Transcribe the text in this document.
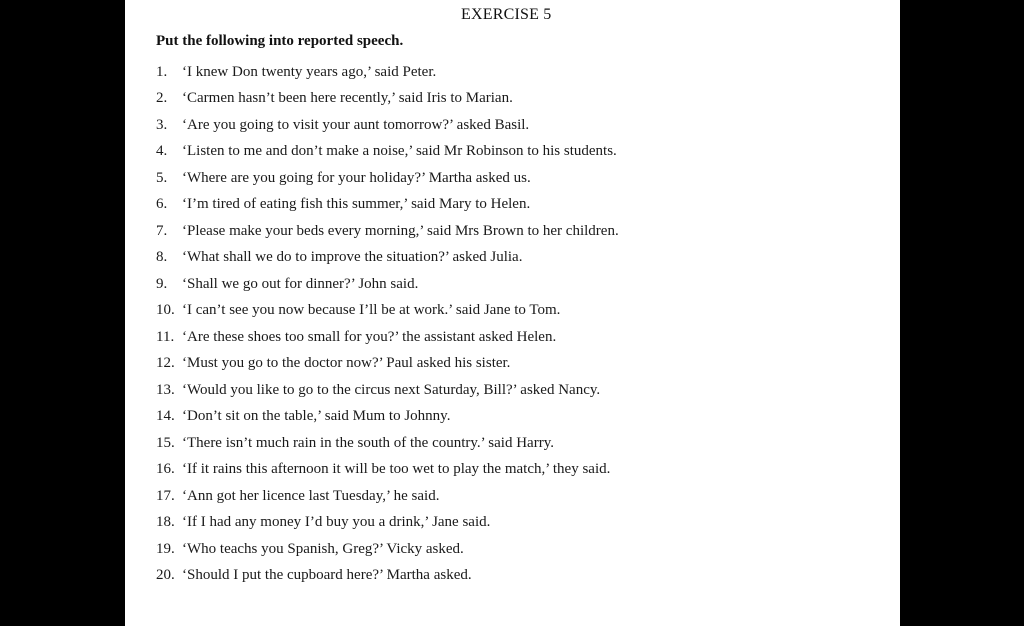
EXERCISE 5
Put the following into reported speech.
1. ‘I knew Don twenty years ago,’ said Peter.
2. ‘Carmen hasn’t been here recently,’ said Iris to Marian.
3. ‘Are you going to visit your aunt tomorrow?’ asked Basil.
4. ‘Listen to me and don’t make a noise,’ said Mr Robinson to his students.
5. ‘Where are you going for your holiday?’ Martha asked us.
6. ‘I’m tired of eating fish this summer,’ said Mary to Helen.
7. ‘Please make your beds every morning,’ said Mrs Brown to her children.
8. ‘What shall we do to improve the situation?’ asked Julia.
9. ‘Shall we go out for dinner?’ John said.
10. ‘I can’t see you now because I’ll be at work.’ said Jane to Tom.
11. ‘Are these shoes too small for you?’ the assistant asked Helen.
12. ‘Must you go to the doctor now?’ Paul asked his sister.
13. ‘Would you like to go to the circus next Saturday, Bill?’ asked Nancy.
14. ‘Don’t sit on the table,’ said Mum to Johnny.
15. ‘There isn’t much rain in the south of the country.’ said Harry.
16. ‘If it rains this afternoon it will be too wet to play the match,’ they said.
17. ‘Ann got her licence last Tuesday,’ he said.
18. ‘If I had any money I’d buy you a drink,’ Jane said.
19. ‘Who teachs you Spanish, Greg?’ Vicky asked.
20. ‘Should I put the cupboard here?’ Martha asked.
